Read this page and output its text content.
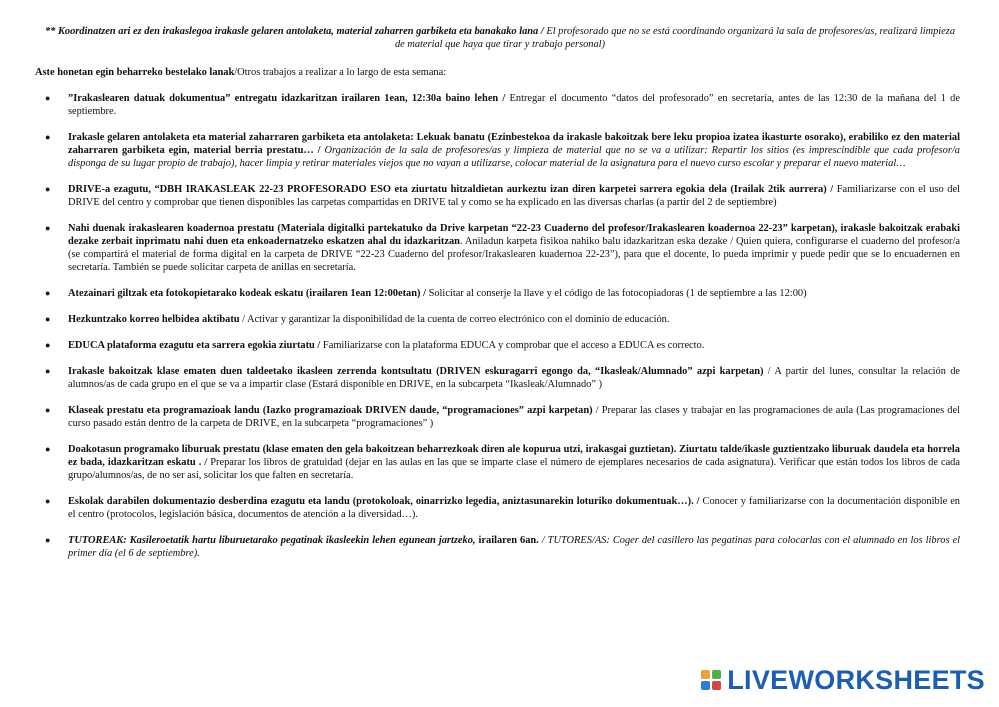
** Koordinatzen ari ez den irakaslegoa irakasle gelaren antolaketa, material zaharren garbiketa eta banakako lana / El profesorado que no se está coordinando organizará la sala de profesores/as, realizará limpieza de material que haya que tirar y trabajo personal)

Aste honetan egin beharreko bestelako lanak/Otros trabajos a realizar a lo largo de esta semana:

● ”Irakaslearen datuak dokumentua” entregatu idazkaritzan irailaren 1ean, 12:30a baino lehen / Entregar el documento “datos del profesorado” en secretaría, antes de las 12:30 de la mañana del 1 de septiembre.
● Irakasle gelaren antolaketa eta material zaharraren garbiketa eta antolaketa: Lekuak banatu (Ezinbestekoa da irakasle bakoitzak bere leku propioa izatea ikasturte osorako), erabiliko ez den material zaharraren garbiketa egin, material berria prestatu… / Organización de la sala de profesores/as y limpieza de material que no se va a utilizar: Repartir los sitios (es imprescindible que cada profesor/a disponga de su lugar propio de trabajo), hacer limpia y retirar materiales viejos que no vayan a utilizarse, colocar material de la asignatura para el nuevo curso escolar y preparar el nuevo material…
● DRIVE-a ezagutu, “DBH IRAKASLEAK 22-23 PROFESORADO ESO eta ziurtatu hitzaldietan aurkeztu izan diren karpetei sarrera egokia dela (Irailak 2tik aurrera) / Familiarizarse con el uso del DRIVE del centro y comprobar que tienen disponibles las carpetas compartidas en DRIVE tal y como se ha explicado en las diversas charlas (a partir del 2 de septiembre)
● Nahi duenak irakaslearen koadernoa prestatu (Materiala digitalki partekatuko da Drive karpetan “22-23 Cuaderno del profesor/Irakaslearen koadernoa 22-23” karpetan), irakasle bakoitzak erabaki dezake zerbait inprimatu nahi duen eta enkoadernatzeko eskatzen ahal du idazkaritzan. Aniladun karpeta fisikoa nahiko balu idazkaritzan eska dezake / Quien quiera, configurarse el cuaderno del profesor/a (se compartirá el material de forma digital en la carpeta de DRIVE “22-23 Cuaderno del profesor/Irakaslearen kuadernoa 22-23”), para que el docente, lo pueda imprimir y puede pedir que se lo encuadernen en secretaría. También se puede solicitar carpeta de anillas en secretaría.
● Atezainari giltzak eta fotokopietarako kodeak eskatu (irailaren 1ean 12:00etan) / Solicitar al conserje la llave y el código de las fotocopiadoras (1 de septiembre a las 12:00)
● Hezkuntzako korreo helbidea aktibatu / Activar y garantizar la disponibilidad de la cuenta de correo electrónico con el dominio de educación.
● EDUCA plataforma ezagutu eta sarrera egokia ziurtatu / Familiarizarse con la plataforma EDUCA y comprobar que el acceso a EDUCA es correcto.
● Irakasle bakoitzak klase ematen duen taldeetako ikasleen zerrenda kontsultatu (DRIVEN eskuragarri egongo da, “Ikasleak/Alumnado” azpi karpetan) / A partir del lunes, consultar la relación de alumnos/as de cada grupo en el que se va a impartir clase (Estará disponible en DRIVE, en la subcarpeta “Ikasleak/Alumnado” )
● Klaseak prestatu eta programazioak landu (Iazko programazioak DRIVEN daude, “programaciones” azpi karpetan) / Preparar las clases y trabajar en las programaciones de aula (Las programaciones del curso pasado están dentro de la carpeta de DRIVE, en la subcarpeta “programaciones” )
● Doakotasun programako liburuak prestatu (klase ematen den gela bakoitzean beharrezkoak diren ale kopurua utzi, irakasgai guztietan). Ziurtatu talde/ikasle guztientzako liburuak daudela eta horrela ez bada, idazkaritzan eskatu . / Preparar los libros de gratuidad (dejar en las aulas en las que se imparte clase el número de ejemplares necesarios de cada asignatura). Verificar que están todos los libros de cada grupo/alumnos/as, de no ser así, solicitar los que falten en secretaría.
● Eskolak darabilen dokumentazio desberdina ezagutu eta landu (protokoloak, oinarrizko legedia, aniztasunarekin loturiko dokumentuak…). / Conocer y familiarizarse con la documentación disponible en el centro (protocolos, legislación básica, documentos de atención a la diversidad…).
● TUTOREAK: Kasileroetatik hartu liburuetarako pegatinak ikasleekin lehen egunean jartzeko, irailaren 6an. / TUTORES/AS: Coger del casillero las pegatinas para colocarlas con el alumnado en los libros el primer día (el 6 de septiembre).
LIVEWORKSHEETS
